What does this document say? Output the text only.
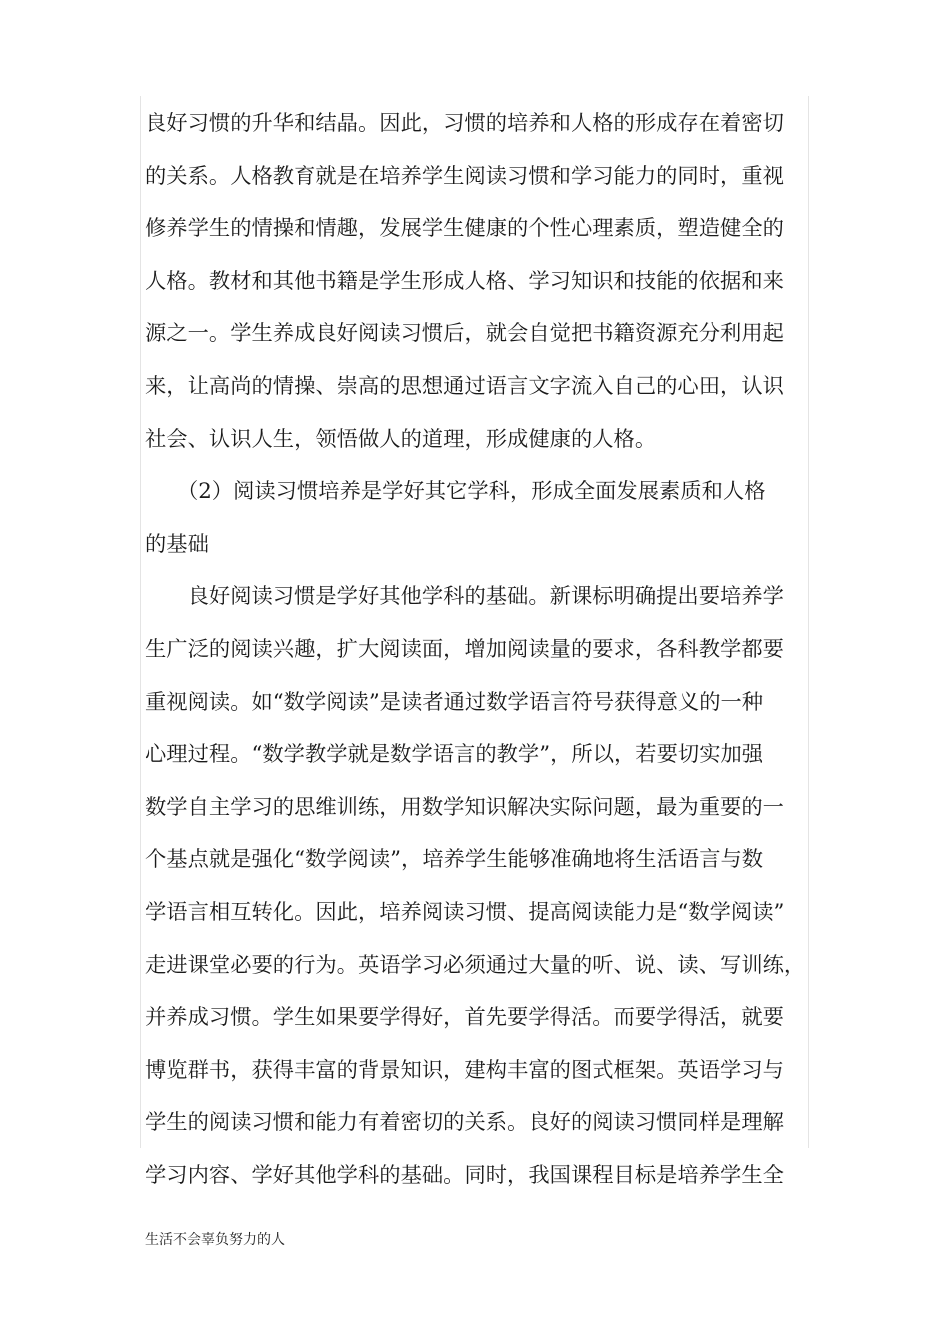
良好习惯的升华和结晶。因此，习惯的培养和人格的形成存在着密切
的关系。人格教育就是在培养学生阅读习惯和学习能力的同时，重视
修养学生的情操和情趣，发展学生健康的个性心理素质，塑造健全的
人格。教材和其他书籍是学生形成人格、学习知识和技能的依据和来
源之一。学生养成良好阅读习惯后，就会自觉把书籍资源充分利用起
来，让高尚的情操、崇高的思想通过语言文字流入自己的心田，认识
社会、认识人生，领悟做人的道理，形成健康的人格。
　　（2）阅读习惯培养是学好其它学科，形成全面发展素质和人格
的基础
　　良好阅读习惯是学好其他学科的基础。新课标明确提出要培养学
生广泛的阅读兴趣，扩大阅读面，增加阅读量的要求，各科教学都要
重视阅读。如“数学阅读”是读者通过数学语言符号获得意义的一种
心理过程。“数学教学就是数学语言的教学”，所以，若要切实加强
数学自主学习的思维训练，用数学知识解决实际问题，最为重要的一
个基点就是强化“数学阅读”，培养学生能够准确地将生活语言与数
学语言相互转化。因此，培养阅读习惯、提高阅读能力是“数学阅读”
走进课堂必要的行为。英语学习必须通过大量的听、说、读、写训练，
并养成习惯。学生如果要学得好，首先要学得活。而要学得活，就要
博览群书，获得丰富的背景知识，建构丰富的图式框架。英语学习与
学生的阅读习惯和能力有着密切的关系。良好的阅读习惯同样是理解
学习内容、学好其他学科的基础。同时，我国课程目标是培养学生全
生活不会辜负努力的人
